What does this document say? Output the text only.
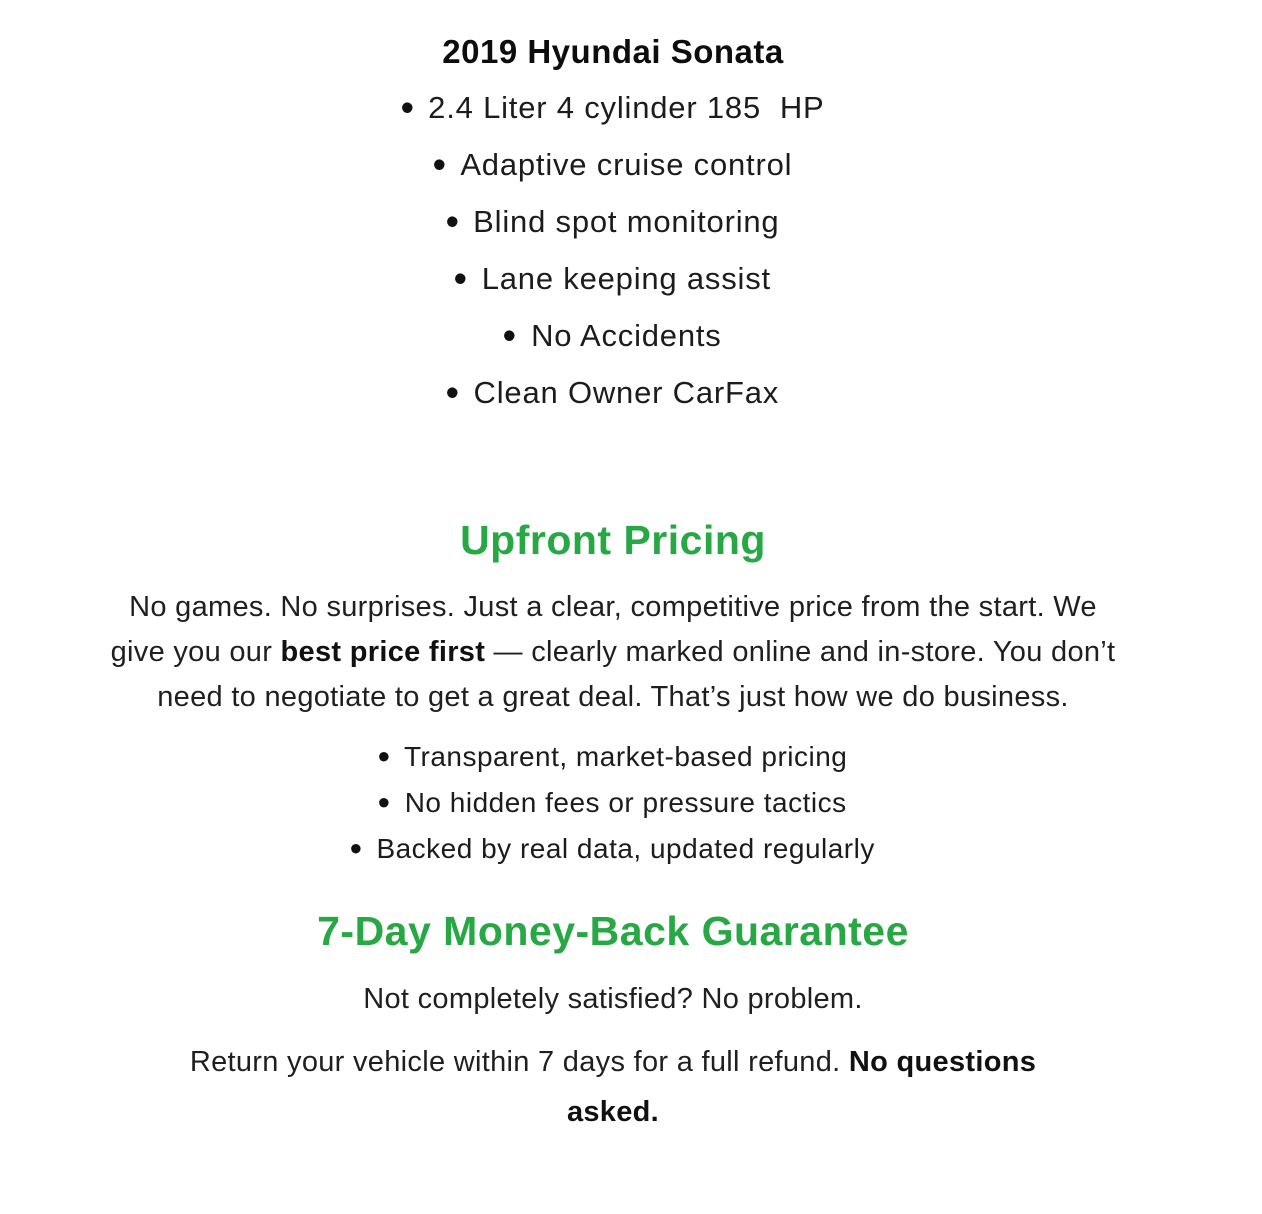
2019 Hyundai Sonata
• 2.4 Liter 4 cylinder 185  HP
• Adaptive cruise control
• Blind spot monitoring
• Lane keeping assist
• No Accidents
• Clean Owner CarFax
Upfront Pricing

No games. No surprises. Just a clear, competitive price from the start. We give you our best price first — clearly marked online and in-store. You don’t need to negotiate to get a great deal. That’s just how we do business.

• Transparent, market-based pricing
• No hidden fees or pressure tactics
• Backed by real data, updated regularly
7-Day Money-Back Guarantee

Not completely satisfied? No problem.

Return your vehicle within 7 days for a full refund. No questions asked.
